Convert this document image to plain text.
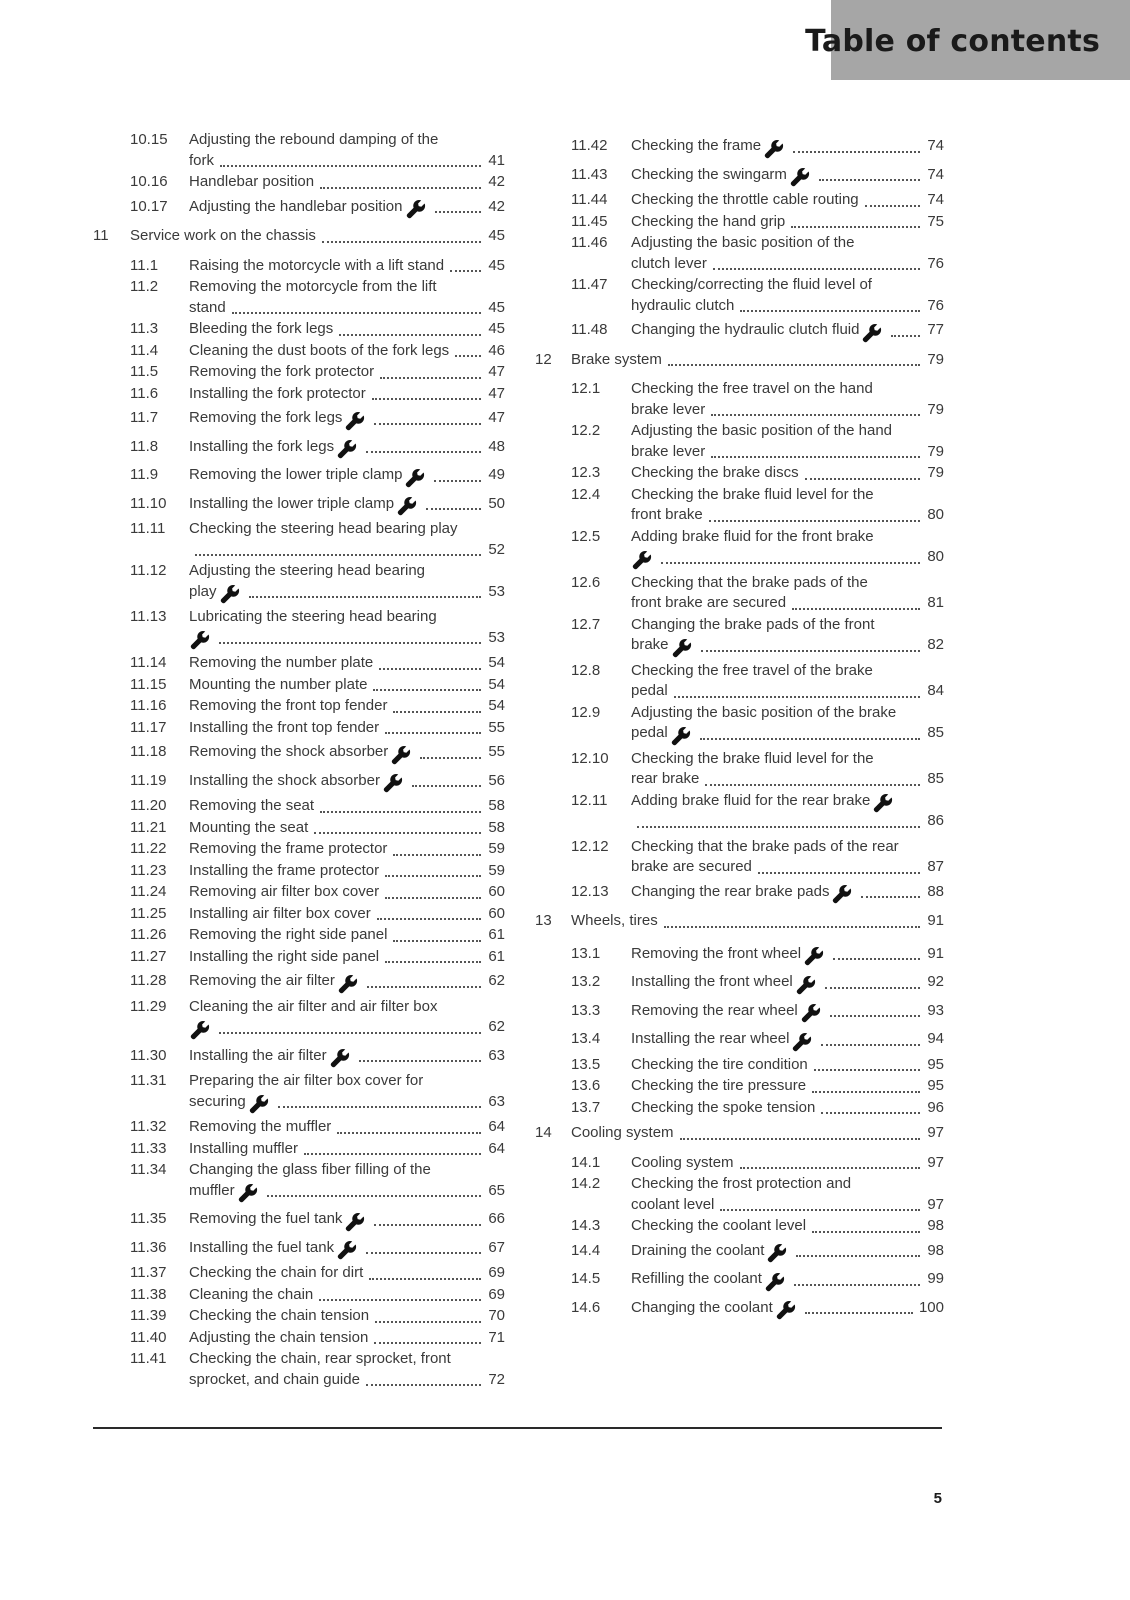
Table of contents
10.15 Adjusting the rebound damping of the
fork	41
10.16 Handlebar position	42
10.17 Adjusting the handlebar position	42
11 Service work on the chassis	45
11.1 Raising the motorcycle with a lift stand	45
11.2 Removing the motorcycle from the lift
stand	45
11.3 Bleeding the fork legs	45
11.4 Cleaning the dust boots of the fork legs	46
11.5 Removing the fork protector	47
11.6 Installing the fork protector	47
11.7 Removing the fork legs	47
11.8 Installing the fork legs	48
11.9 Removing the lower triple clamp	49
11.10 Installing the lower triple clamp	50
11.11 Checking the steering head bearing play
52
11.12 Adjusting the steering head bearing
play	53
11.13 Lubricating the steering head bearing
53
11.14 Removing the number plate	54
11.15 Mounting the number plate	54
11.16 Removing the front top fender	54
11.17 Installing the front top fender	55
11.18 Removing the shock absorber	55
11.19 Installing the shock absorber	56
11.20 Removing the seat	58
11.21 Mounting the seat	58
11.22 Removing the frame protector	59
11.23 Installing the frame protector	59
11.24 Removing air filter box cover	60
11.25 Installing air filter box cover	60
11.26 Removing the right side panel	61
11.27 Installing the right side panel	61
11.28 Removing the air filter	62
11.29 Cleaning the air filter and air filter box
62
11.30 Installing the air filter	63
11.31 Preparing the air filter box cover for
securing	63
11.32 Removing the muffler	64
11.33 Installing muffler	64
11.34 Changing the glass fiber filling of the
muffler	65
11.35 Removing the fuel tank	66
11.36 Installing the fuel tank	67
11.37 Checking the chain for dirt	69
11.38 Cleaning the chain	69
11.39 Checking the chain tension	70
11.40 Adjusting the chain tension	71
11.41 Checking the chain, rear sprocket, front
sprocket, and chain guide	72
11.42 Checking the frame	74
11.43 Checking the swingarm	74
11.44 Checking the throttle cable routing	74
11.45 Checking the hand grip	75
11.46 Adjusting the basic position of the
clutch lever	76
11.47 Checking/correcting the fluid level of
hydraulic clutch	76
11.48 Changing the hydraulic clutch fluid	77
12 Brake system	79
12.1 Checking the free travel on the hand
brake lever	79
12.2 Adjusting the basic position of the hand
brake lever	79
12.3 Checking the brake discs	79
12.4 Checking the brake fluid level for the
front brake	80
12.5 Adding brake fluid for the front brake
80
12.6 Checking that the brake pads of the
front brake are secured	81
12.7 Changing the brake pads of the front
brake	82
12.8 Checking the free travel of the brake
pedal	84
12.9 Adjusting the basic position of the brake
pedal	85
12.10 Checking the brake fluid level for the
rear brake	85
12.11 Adding brake fluid for the rear brake
86
12.12 Checking that the brake pads of the rear
brake are secured	87
12.13 Changing the rear brake pads	88
13 Wheels, tires	91
13.1 Removing the front wheel	91
13.2 Installing the front wheel	92
13.3 Removing the rear wheel	93
13.4 Installing the rear wheel	94
13.5 Checking the tire condition	95
13.6 Checking the tire pressure	95
13.7 Checking the spoke tension	96
14 Cooling system	97
14.1 Cooling system	97
14.2 Checking the frost protection and
coolant level	97
14.3 Checking the coolant level	98
14.4 Draining the coolant	98
14.5 Refilling the coolant	99
14.6 Changing the coolant	100
5
